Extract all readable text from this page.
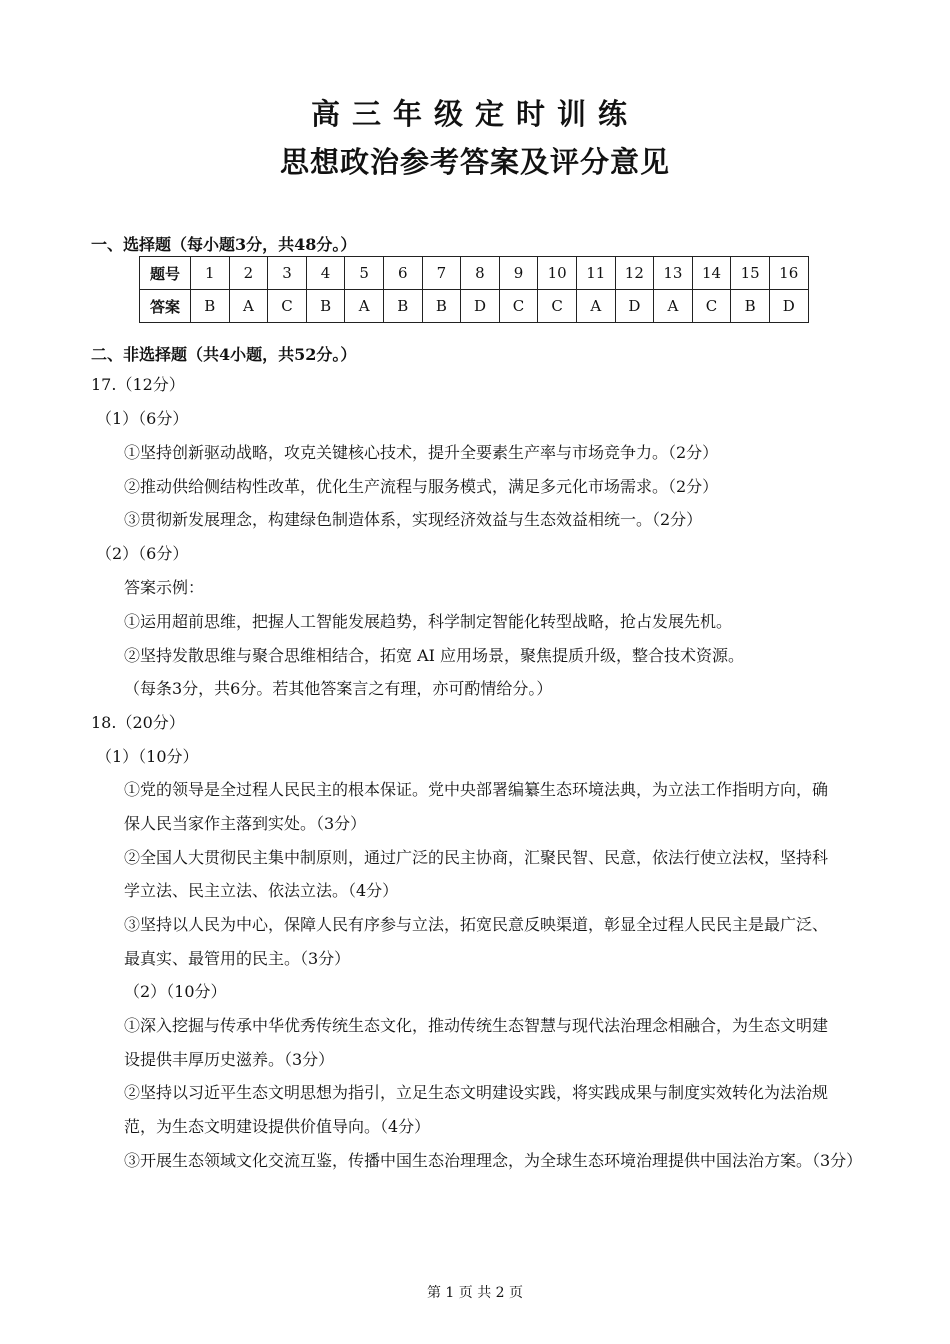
高三年级定时训练
思想政治参考答案及评分意见
一、选择题（每小题3分，共48分。）
题号	1	2	3	4	5	6	7	8	9	10	11	12	13	14	15	16
答案	B	A	C	B	A	B	B	D	C	C	A	D	A	C	B	D
二、非选择题（共4小题，共52分。）
17.（12分）
（1）（6分）
①坚持创新驱动战略，攻克关键核心技术，提升全要素生产率与市场竞争力。（2分）
②推动供给侧结构性改革，优化生产流程与服务模式，满足多元化市场需求。（2分）
③贯彻新发展理念，构建绿色制造体系，实现经济效益与生态效益相统一。（2分）
（2）（6分）
答案示例：
①运用超前思维，把握人工智能发展趋势，科学制定智能化转型战略，抢占发展先机。
②坚持发散思维与聚合思维相结合，拓宽 AI 应用场景，聚焦提质升级，整合技术资源。
（每条3分，共6分。若其他答案言之有理，亦可酌情给分。）
18.（20分）
（1）（10分）
①党的领导是全过程人民民主的根本保证。党中央部署编纂生态环境法典，为立法工作指明方向，确
保人民当家作主落到实处。（3分）
②全国人大贯彻民主集中制原则，通过广泛的民主协商，汇聚民智、民意，依法行使立法权，坚持科
学立法、民主立法、依法立法。（4分）
③坚持以人民为中心，保障人民有序参与立法，拓宽民意反映渠道，彰显全过程人民民主是最广泛、
最真实、最管用的民主。（3分）
（2）（10分）
①深入挖掘与传承中华优秀传统生态文化，推动传统生态智慧与现代法治理念相融合，为生态文明建
设提供丰厚历史滋养。（3分）
②坚持以习近平生态文明思想为指引，立足生态文明建设实践，将实践成果与制度实效转化为法治规
范，为生态文明建设提供价值导向。（4分）
③开展生态领域文化交流互鉴，传播中国生态治理理念，为全球生态环境治理提供中国法治方案。（3分）
第 1 页 共 2 页
